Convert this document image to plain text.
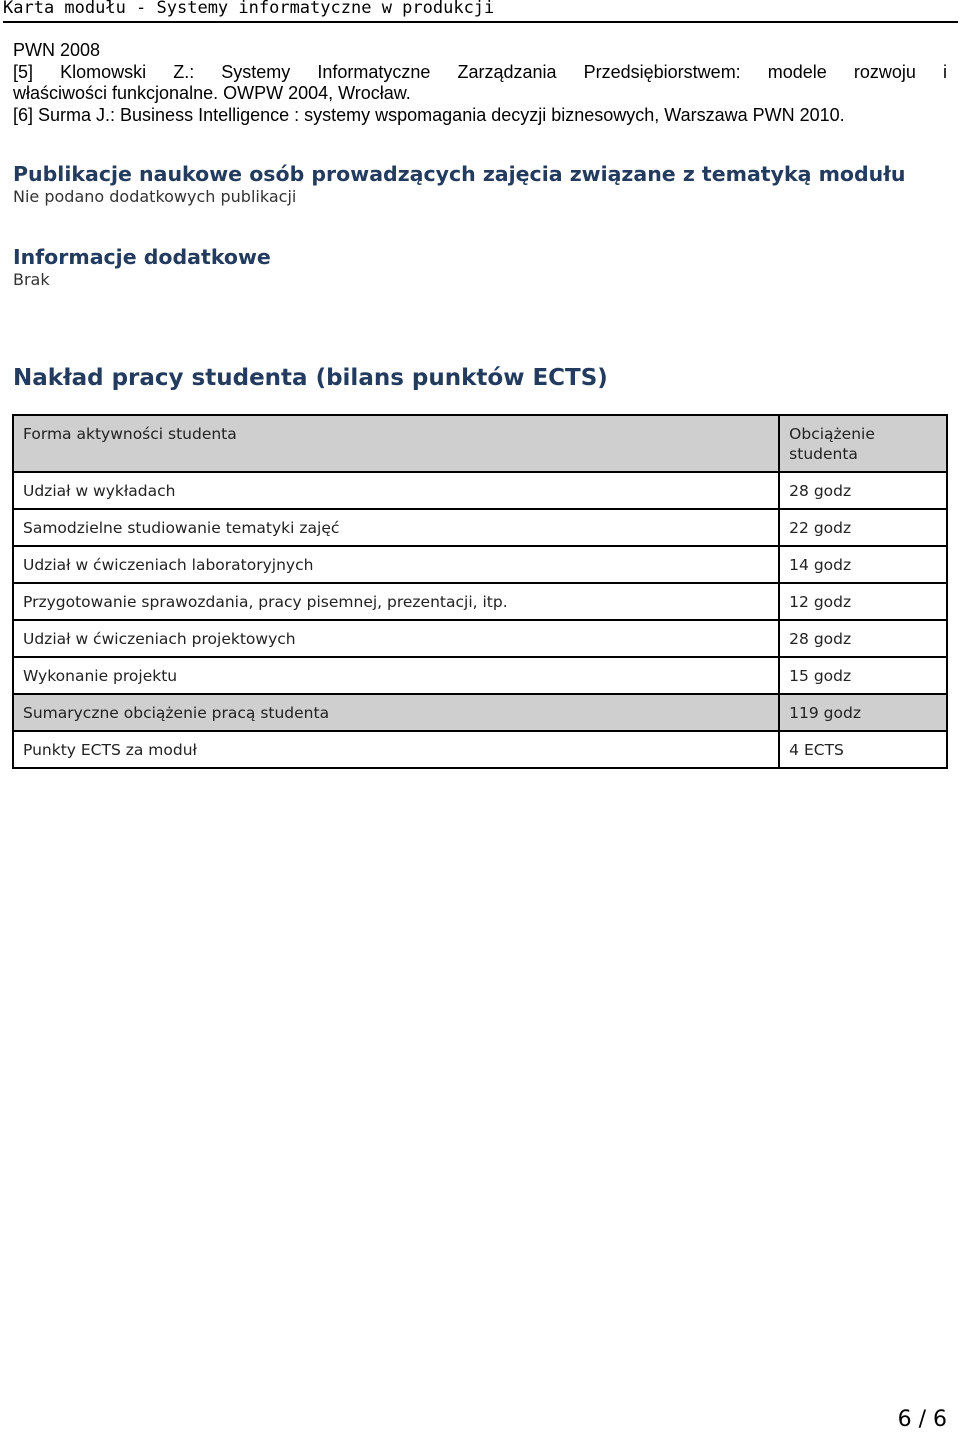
Karta modułu - Systemy informatyczne w produkcji
PWN 2008
[5] Klomowski Z.: Systemy Informatyczne Zarządzania Przedsiębiorstwem: modele rozwoju i
właściwości funkcjonalne. OWPW 2004, Wrocław.
[6] Surma J.: Business Intelligence : systemy wspomagania decyzji biznesowych, Warszawa PWN 2010.
Publikacje naukowe osób prowadzących zajęcia związane z tematyką modułu
Nie podano dodatkowych publikacji
Informacje dodatkowe
Brak
Nakład pracy studenta (bilans punktów ECTS)
Forma aktywności studenta	Obciążenie
studenta
Udział w wykładach	28 godz
Samodzielne studiowanie tematyki zajęć	22 godz
Udział w ćwiczeniach laboratoryjnych	14 godz
Przygotowanie sprawozdania, pracy pisemnej, prezentacji, itp.	12 godz
Udział w ćwiczeniach projektowych	28 godz
Wykonanie projektu	15 godz
Sumaryczne obciążenie pracą studenta	119 godz
Punkty ECTS za moduł	4 ECTS
6 / 6
